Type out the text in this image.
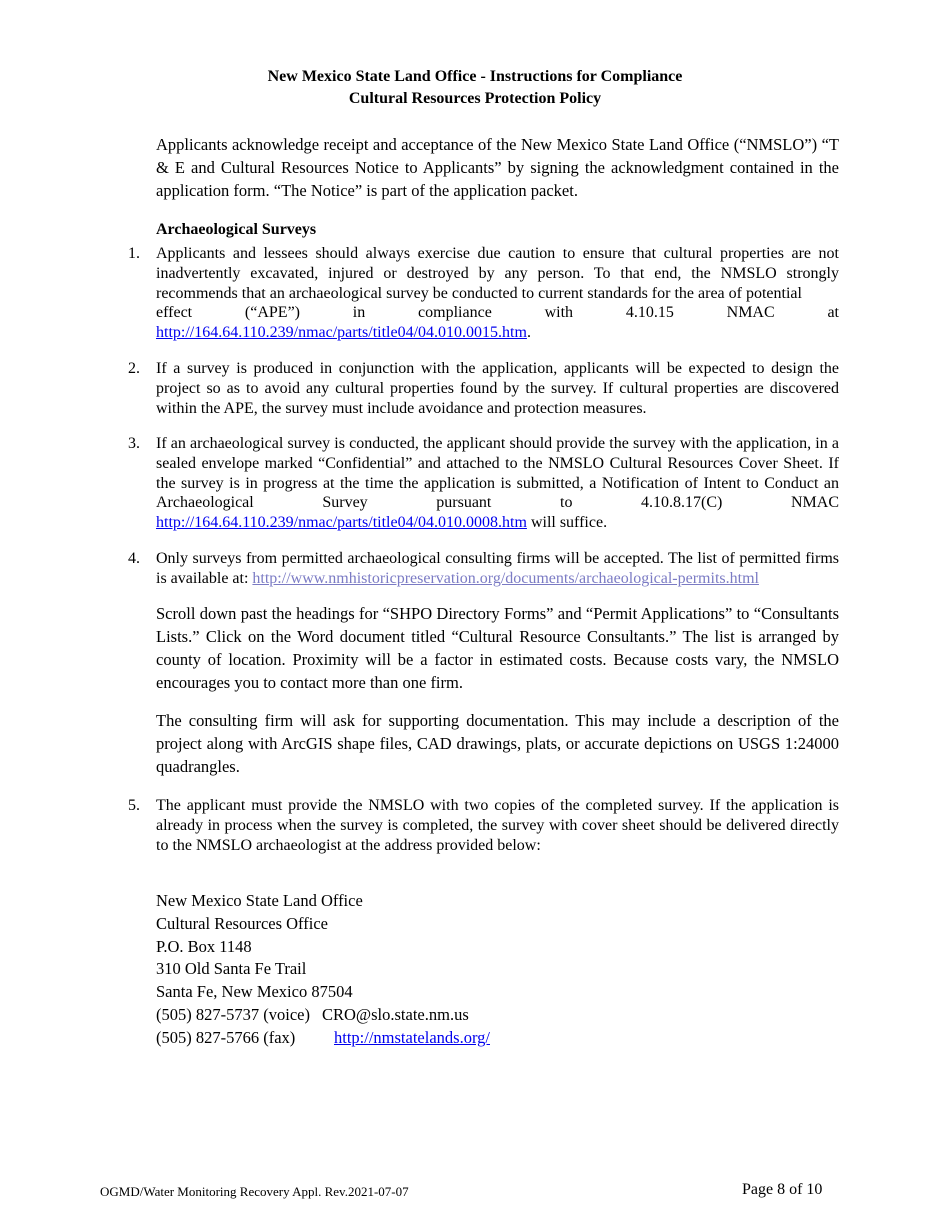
New Mexico State Land Office - Instructions for Compliance
Cultural Resources Protection Policy
Applicants acknowledge receipt and acceptance of the New Mexico State Land Office (“NMSLO”) “T & E and Cultural Resources Notice to Applicants” by signing the acknowledgment contained in the application form. “The Notice” is part of the application packet.
Archaeological Surveys
1.	Applicants and lessees should always exercise due caution to ensure that cultural properties are not inadvertently excavated, injured or destroyed by any person. To that end, the NMSLO strongly recommends that an archaeological survey be conducted to current standards for the area of potential
effect (“APE”) in compliance with 4.10.15 NMAC at
http://164.64.110.239/nmac/parts/title04/04.010.0015.htm.
2.	If a survey is produced in conjunction with the application, applicants will be expected to design the project so as to avoid any cultural properties found by the survey. If cultural properties are discovered within the APE, the survey must include avoidance and protection measures.
3.	If an archaeological survey is conducted, the applicant should provide the survey with the application, in a sealed envelope marked “Confidential” and attached to the NMSLO Cultural Resources Cover Sheet. If the survey is in progress at the time the application is submitted, a Notification of Intent to Conduct an Archaeological Survey pursuant to 4.10.8.17(C) NMAC http://164.64.110.239/nmac/parts/title04/04.010.0008.htm will suffice.
4.	Only surveys from permitted archaeological consulting firms will be accepted. The list of permitted firms is available at: http://www.nmhistoricpreservation.org/documents/archaeological-permits.html
Scroll down past the headings for “SHPO Directory Forms” and “Permit Applications” to “Consultants Lists.” Click on the Word document titled “Cultural Resource Consultants.” The list is arranged by county of location. Proximity will be a factor in estimated costs. Because costs vary, the NMSLO encourages you to contact more than one firm.
The consulting firm will ask for supporting documentation. This may include a description of the project along with ArcGIS shape files, CAD drawings, plats, or accurate depictions on USGS 1:24000 quadrangles.
5.	The applicant must provide the NMSLO with two copies of the completed survey. If the application is already in process when the survey is completed, the survey with cover sheet should be delivered directly to the NMSLO archaeologist at the address provided below:
New Mexico State Land Office
Cultural Resources Office
P.O. Box 1148
310 Old Santa Fe Trail
Santa Fe, New Mexico 87504
(505) 827-5737 (voice) CRO@slo.state.nm.us
(505) 827-5766 (fax) http://nmstatelands.org/
OGMD/Water Monitoring Recovery Appl. Rev.2021-07-07	Page 8 of 10
